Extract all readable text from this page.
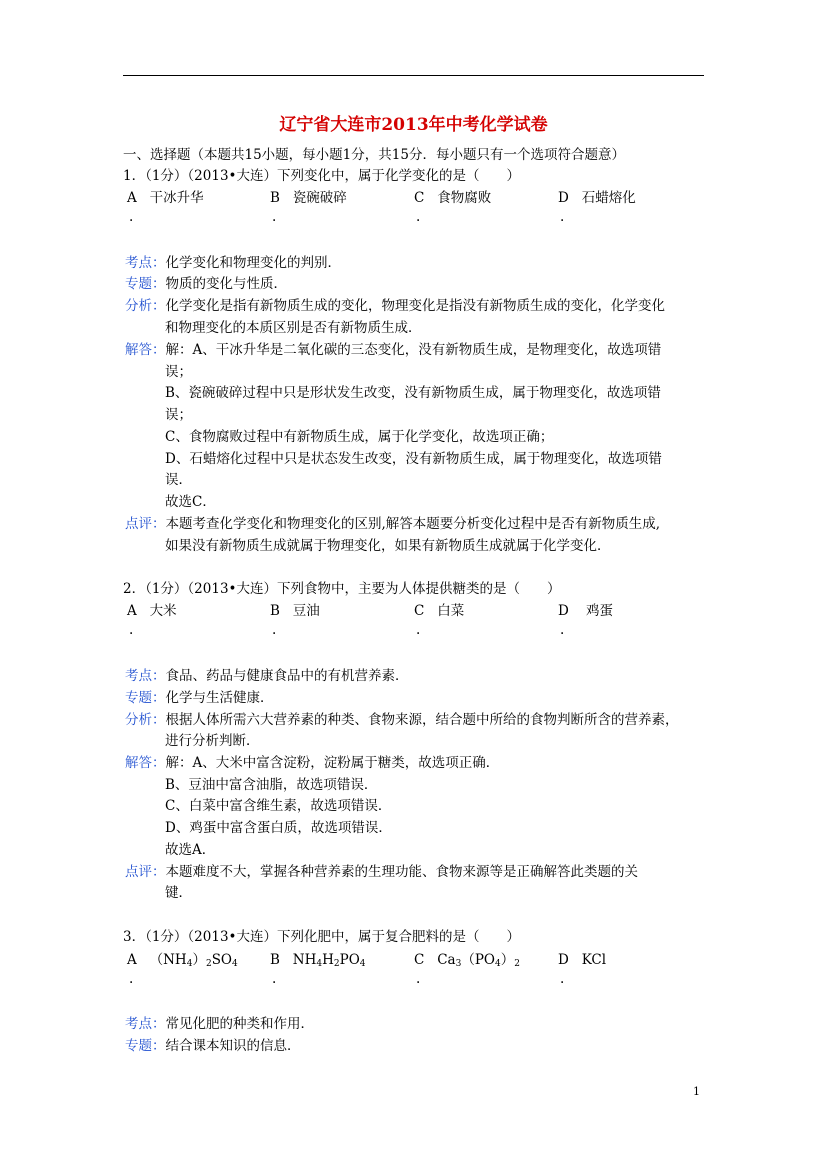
辽宁省大连市2013年中考化学试卷
一、选择题（本题共15小题，每小题1分，共15分．每小题只有一个选项符合题意）
1．（1分）（2013•大连）下列变化中，属于化学变化的是（　　）
A 干冰升华	B 瓷碗破碎	C 食物腐败	D 石蜡熔化
.	.	.	.
考点：化学变化和物理变化的判别．
专题：物质的变化与性质．
分析：化学变化是指有新物质生成的变化，物理变化是指没有新物质生成的变化，化学变化
和物理变化的本质区别是否有新物质生成．
解答：解：A、干冰升华是二氧化碳的三态变化，没有新物质生成，是物理变化，故选项错
误；
B、瓷碗破碎过程中只是形状发生改变，没有新物质生成，属于物理变化，故选项错
误；
C、食物腐败过程中有新物质生成，属于化学变化，故选项正确；
D、石蜡熔化过程中只是状态发生改变，没有新物质生成，属于物理变化，故选项错
误．
故选C．
点评：本题考查化学变化和物理变化的区别,解答本题要分析变化过程中是否有新物质生成,
如果没有新物质生成就属于物理变化，如果有新物质生成就属于化学变化．
2．（1分）（2013•大连）下列食物中，主要为人体提供糖类的是（　　）
A 大米	B 豆油	C 白菜	D 鸡蛋
.	.	.	.
考点：食品、药品与健康食品中的有机营养素．
专题：化学与生活健康．
分析：根据人体所需六大营养素的种类、食物来源，结合题中所给的食物判断所含的营养素，
进行分析判断．
解答：解：A、大米中富含淀粉，淀粉属于糖类，故选项正确．
B、豆油中富含油脂，故选项错误．
C、白菜中富含维生素，故选项错误．
D、鸡蛋中富含蛋白质，故选项错误．
故选A．
点评：本题难度不大，掌握各种营养素的生理功能、食物来源等是正确解答此类题的关
键．
3．（1分）（2013•大连）下列化肥中，属于复合肥料的是（　　）
A $(NH_4)_2SO_4$ B $NH_4H_2PO_4$	C $Ca_3(PO_4)_2$	D KCl
.	.	.	.
考点：常见化肥的种类和作用．
专题：结合课本知识的信息．
1
